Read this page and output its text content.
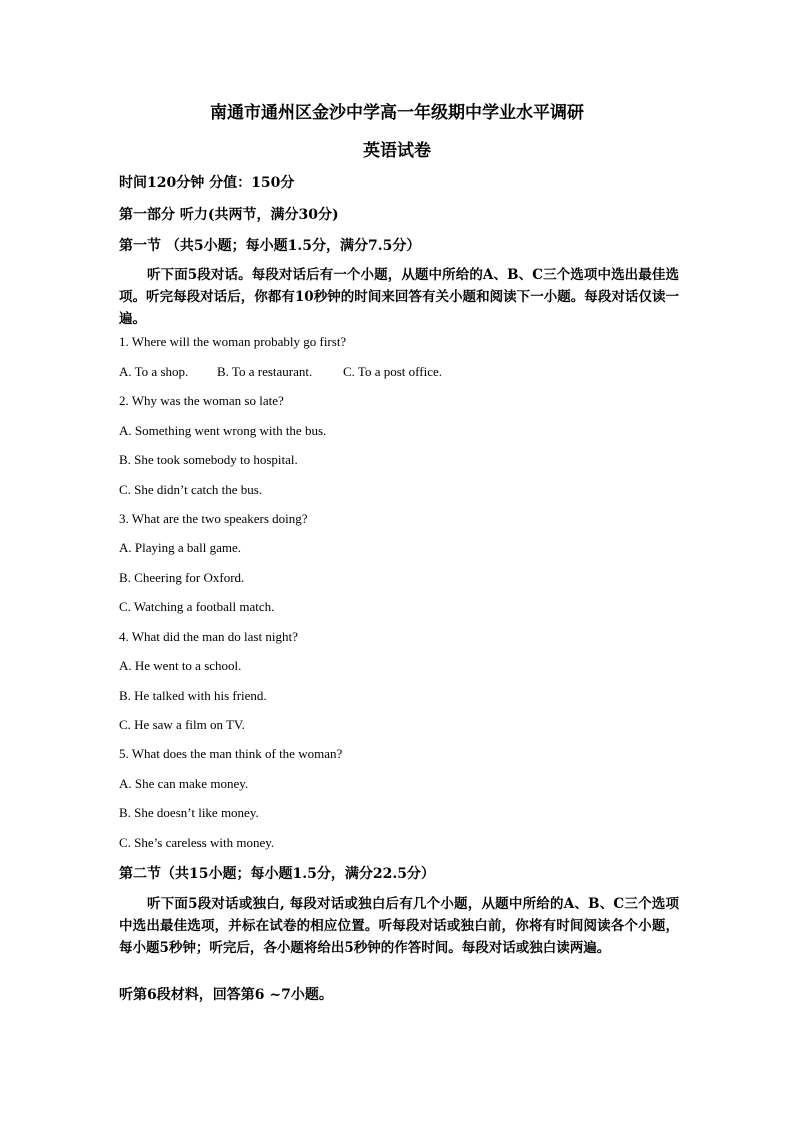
南通市通州区金沙中学高一年级期中学业水平调研
英语试卷
时间120分钟 分值：150分
第一部分 听力(共两节，满分30分)
第一节 （共5小题；每小题1.5分，满分7.5分）
听下面5段对话。每段对话后有一个小题，从题中所给的A、B、C三个选项中选出最佳选项。听完每段对话后，你都有10秒钟的时间来回答有关小题和阅读下一小题。每段对话仅读一遍。
1. Where will the woman probably go first?
A. To a shop. B. To a restaurant. C. To a post office.
2. Why was the woman so late?
A. Something went wrong with the bus.
B. She took somebody to hospital.
C. She didn’t catch the bus.
3. What are the two speakers doing?
A. Playing a ball game.
B. Cheering for Oxford.
C. Watching a football match.
4. What did the man do last night?
A. He went to a school.
B. He talked with his friend.
C. He saw a film on TV.
5. What does the man think of the woman?
A. She can make money.
B. She doesn’t like money.
C. She’s careless with money.
第二节（共15小题；每小题1.5分，满分22.5分）
听下面5段对话或独白, 每段对话或独白后有几个小题，从题中所给的A、B、C三个选项中选出最佳选项，并标在试卷的相应位置。听每段对话或独白前，你将有时间阅读各个小题，每小题5秒钟；听完后，各小题将给出5秒钟的作答时间。每段对话或独白读两遍。
听第6段材料，回答第6 ~7小题。
